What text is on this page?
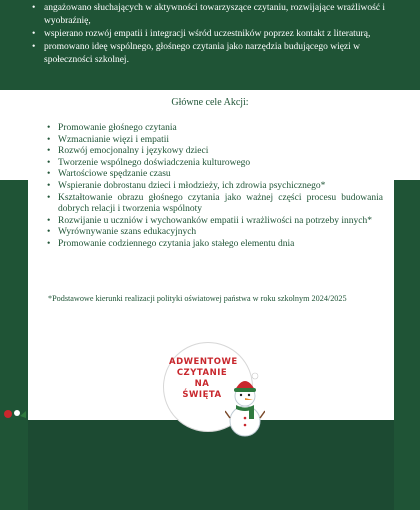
• angażowano słuchających w aktywności towarzyszące czytaniu, rozwijające wrażliwość i wyobraźnię,
• wspierano rozwój empatii i integracji wśród uczestników poprzez kontakt z literaturą,
• promowano ideę wspólnego, głośnego czytania jako narzędzia budującego więzi w społeczności szkolnej.
Główne cele Akcji:
• Promowanie głośnego czytania
• Wzmacnianie więzi i empatii
• Rozwój emocjonalny i językowy dzieci
• Tworzenie wspólnego doświadczenia kulturowego
• Wartościowe spędzanie czasu
• Wspieranie dobrostanu dzieci i młodzieży, ich zdrowia psychicznego*
• Kształtowanie obrazu głośnego czytania jako ważnej części procesu budowania dobrych relacji i tworzenia wspólnoty
• Rozwijanie u uczniów i wychowanków empatii i wrażliwości na potrzeby innych*
• Wyrównywanie szans edukacyjnych
• Promowanie codziennego czytania jako stałego elementu dnia
*Podstawowe kierunki realizacji polityki oświatowej państwa w roku szkolnym 2024/2025
ADWENTOWE
CZYTANIE
NA
ŚWIĘTA
